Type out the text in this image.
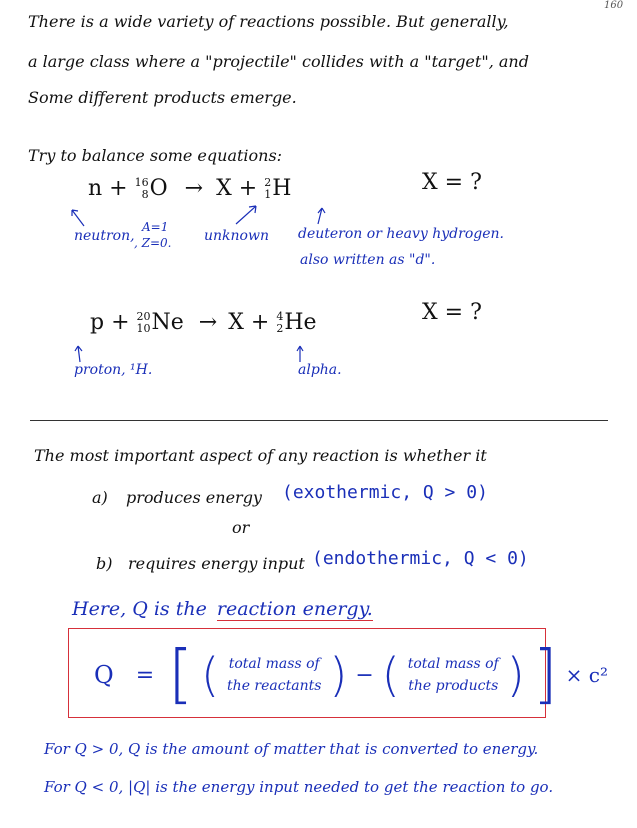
160
There is a wide variety of reactions possible. But generally,
a large class where a "projectile" collides with a "target", and
Some different products emerge.
Try to balance some equations:
n + 16
8 O → X + 2
1 H	X = ?
neutron,
A=1
, Z=0. unknown deuteron or heavy hydrogen.
also written as "d".
p + 20
10 Ne → X + 4
2 He	X = ?
proton, ¹H.	alpha.
The most important aspect of any reaction is whether it
a) produces energy (exothermic, Q > 0)
or
b) requires energy input (endothermic, Q < 0)
Here, Q is the reaction energy.
Q = [ ( total mass of
the reactants ) − ( total mass of
the products ) ] × c²
For Q > 0, Q is the amount of matter that is converted to energy.
For Q < 0, |Q| is the energy input needed to get the reaction to go.
